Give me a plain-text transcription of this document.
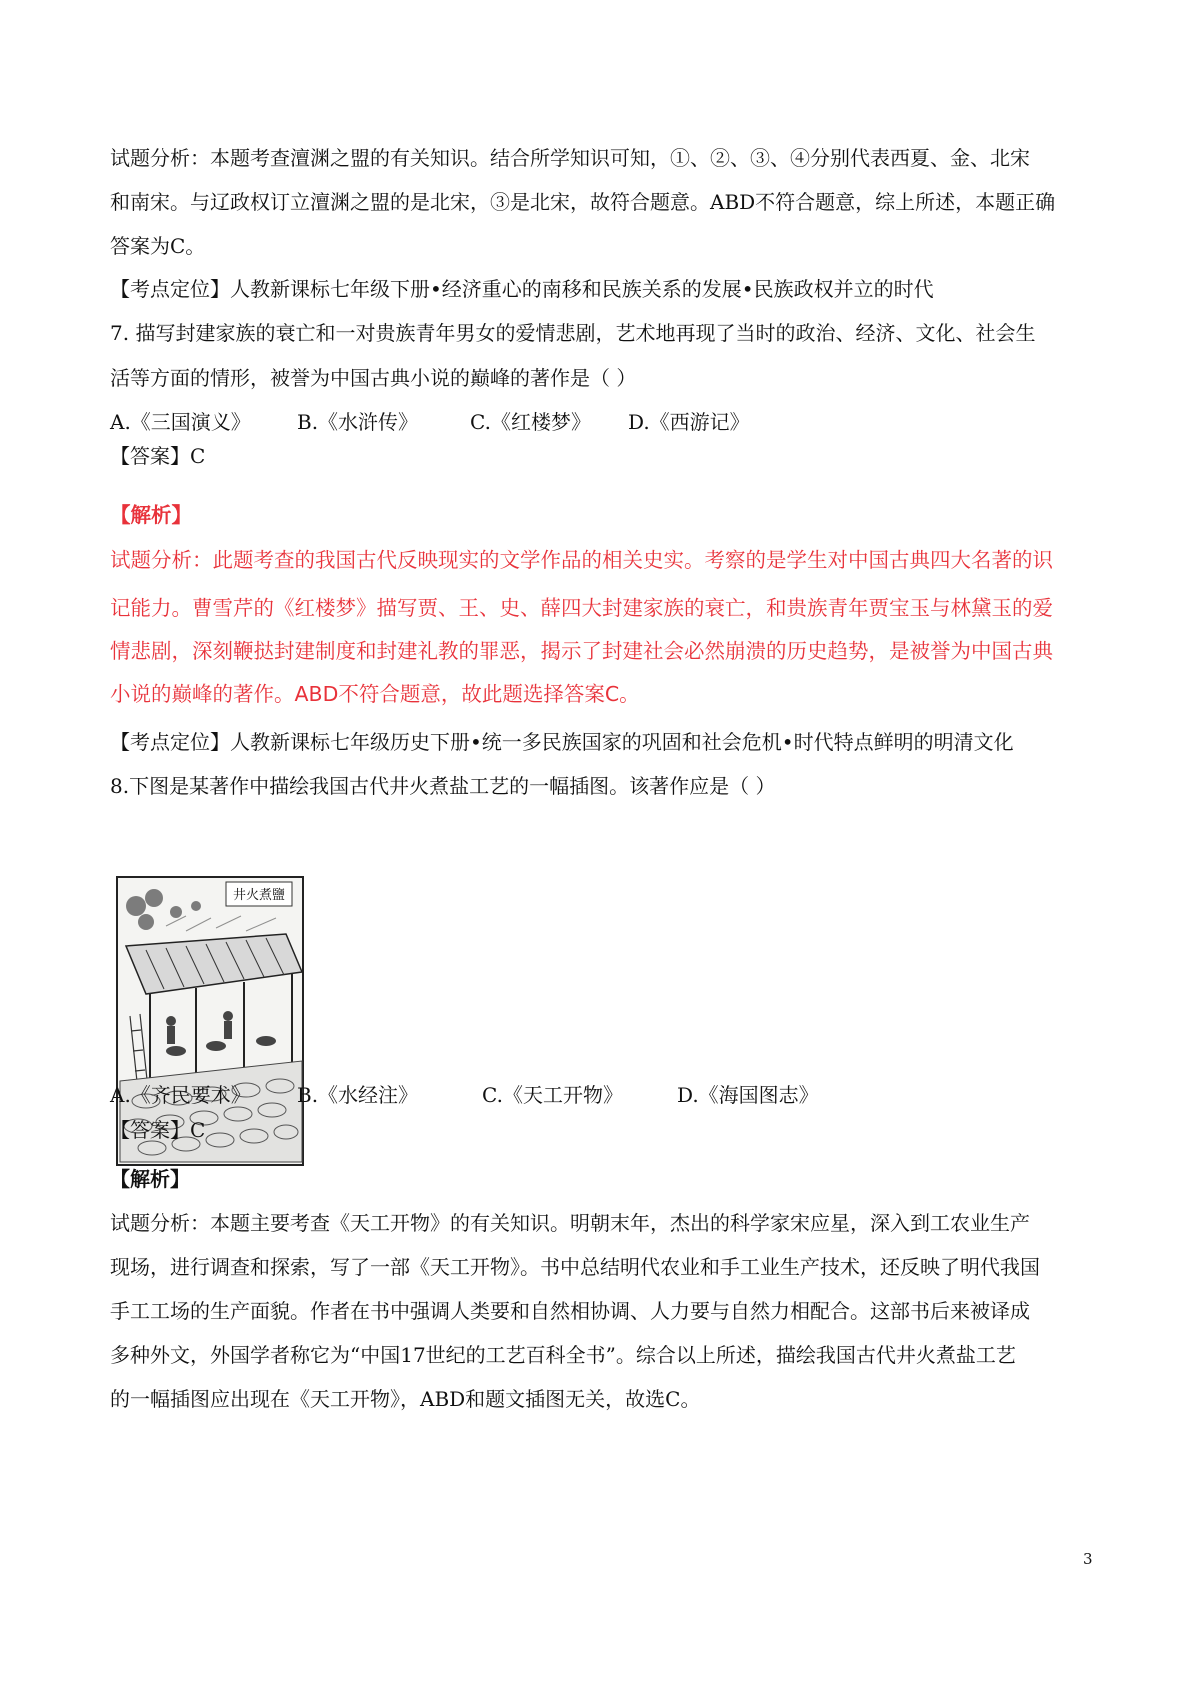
试题分析：本题考查澶渊之盟的有关知识。结合所学知识可知，①、②、③、④分别代表西夏、金、北宋
和南宋。与辽政权订立澶渊之盟的是北宋，③是北宋，故符合题意。ABD不符合题意，综上所述，本题正确
答案为C。
【考点定位】人教新课标七年级下册•经济重心的南移和民族关系的发展•民族政权并立的时代
7. 描写封建家族的衰亡和一对贵族青年男女的爱情悲剧，艺术地再现了当时的政治、经济、文化、社会生
活等方面的情形，被誉为中国古典小说的巅峰的著作是（ ）
A.《三国演义》 B.《水浒传》	C.《红楼梦》 D.《西游记》
【答案】C
【解析】
试题分析：此题考查的我国古代反映现实的文学作品的相关史实。考察的是学生对中国古典四大名著的识
记能力。曹雪芹的《红楼梦》描写贾、王、史、薛四大封建家族的衰亡，和贵族青年贾宝玉与林黛玉的爱
情悲剧，深刻鞭挞封建制度和封建礼教的罪恶，揭示了封建社会必然崩溃的历史趋势，是被誉为中国古典
小说的巅峰的著作。ABD不符合题意，故此题选择答案C。
【考点定位】人教新课标七年级历史下册•统一多民族国家的巩固和社会危机•时代特点鲜明的明清文化
8.下图是某著作中描绘我国古代井火煮盐工艺的一幅插图。该著作应是（ ）
井火煮鹽
A.《齐民要术》 B.《水经注》	C.《天工开物》	D.《海国图志》
【答案】C
【解析】
试题分析：本题主要考查《天工开物》的有关知识。明朝末年，杰出的科学家宋应星，深入到工农业生产
现场，进行调查和探索，写了一部《天工开物》。书中总结明代农业和手工业生产技术，还反映了明代我国
手工工场的生产面貌。作者在书中强调人类要和自然相协调、人力要与自然力相配合。这部书后来被译成
多种外文，外国学者称它为“中国17世纪的工艺百科全书”。综合以上所述，描绘我国古代井火煮盐工艺
的一幅插图应出现在《天工开物》，ABD和题文插图无关，故选C。
3
